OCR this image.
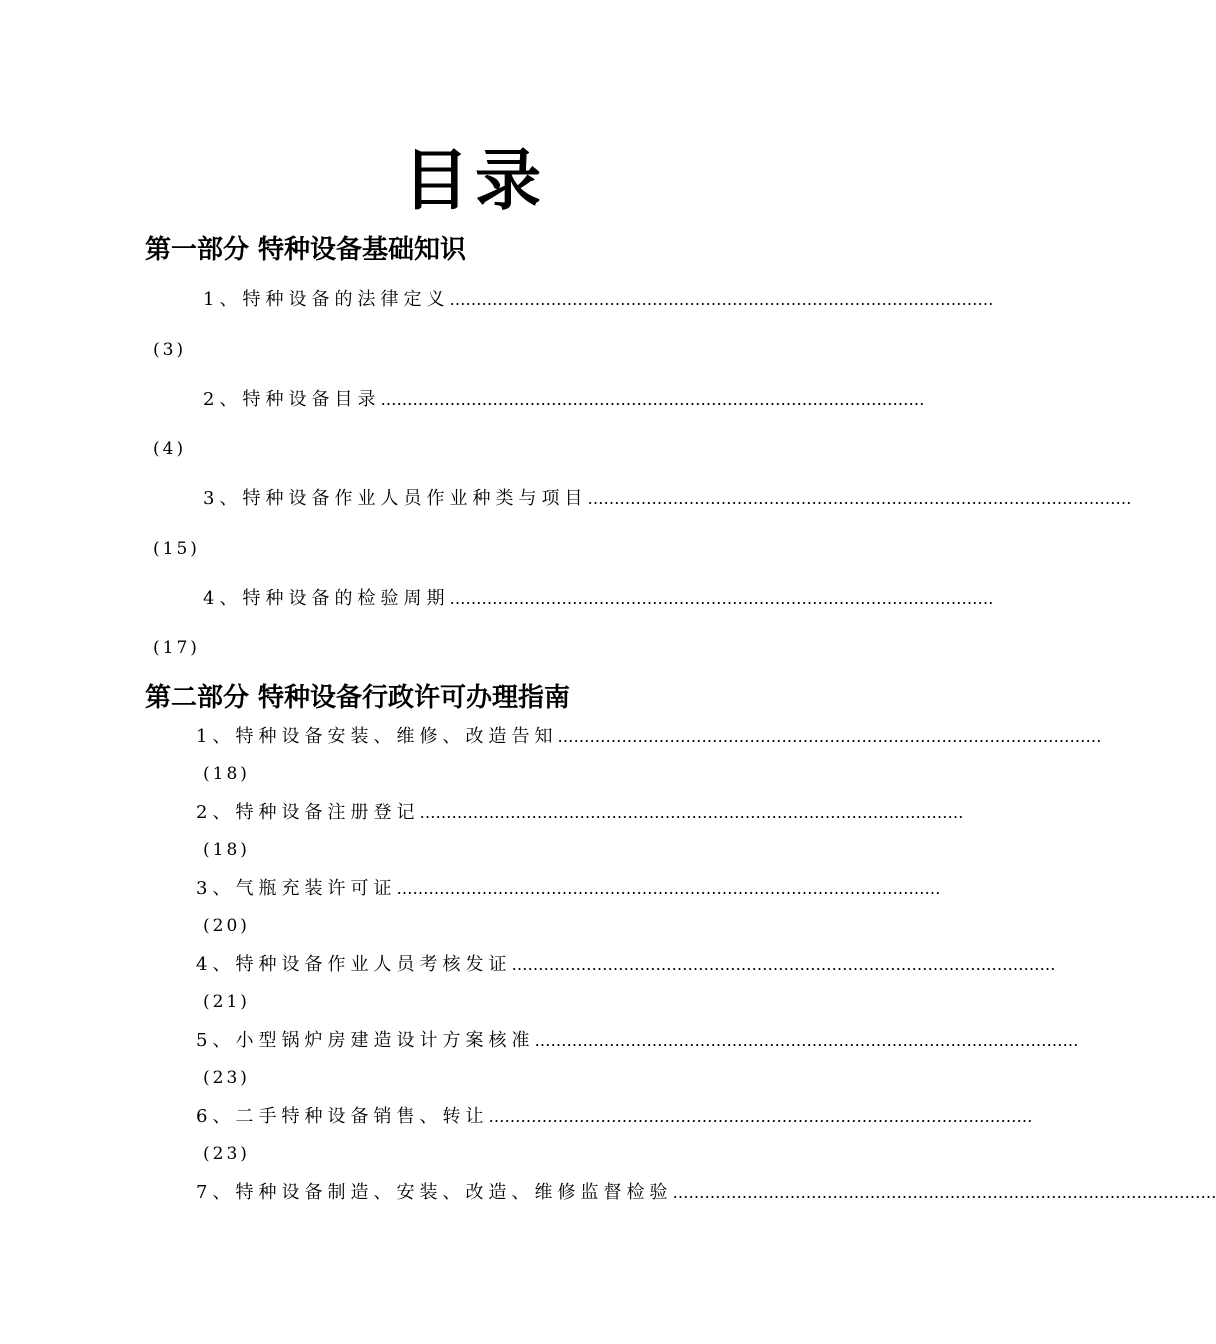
目录
第一部分 特种设备基础知识
1、特种设备的法律定义 …………………………………………………………………………………………
(3)
2、特种设备目录 …………………………………………………………………………………………
(4)
3、特种设备作业人员作业种类与项目 …………………………………………………………………………………………
(15)
4、特种设备的检验周期 …………………………………………………………………………………………
(17)
第二部分 特种设备行政许可办理指南
1、特种设备安装、维修、改造告知 …………………………………………………………………………………………
(18)
2、特种设备注册登记 …………………………………………………………………………………………
(18)
3、气瓶充装许可证 …………………………………………………………………………………………
(20)
4、特种设备作业人员考核发证 …………………………………………………………………………………………
(21)
5、小型锅炉房建造设计方案核准 …………………………………………………………………………………………
(23)
6、二手特种设备销售、转让 …………………………………………………………………………………………
(23)
7、特种设备制造、安装、改造、维修监督检验 …………………………………………………………………………………………
